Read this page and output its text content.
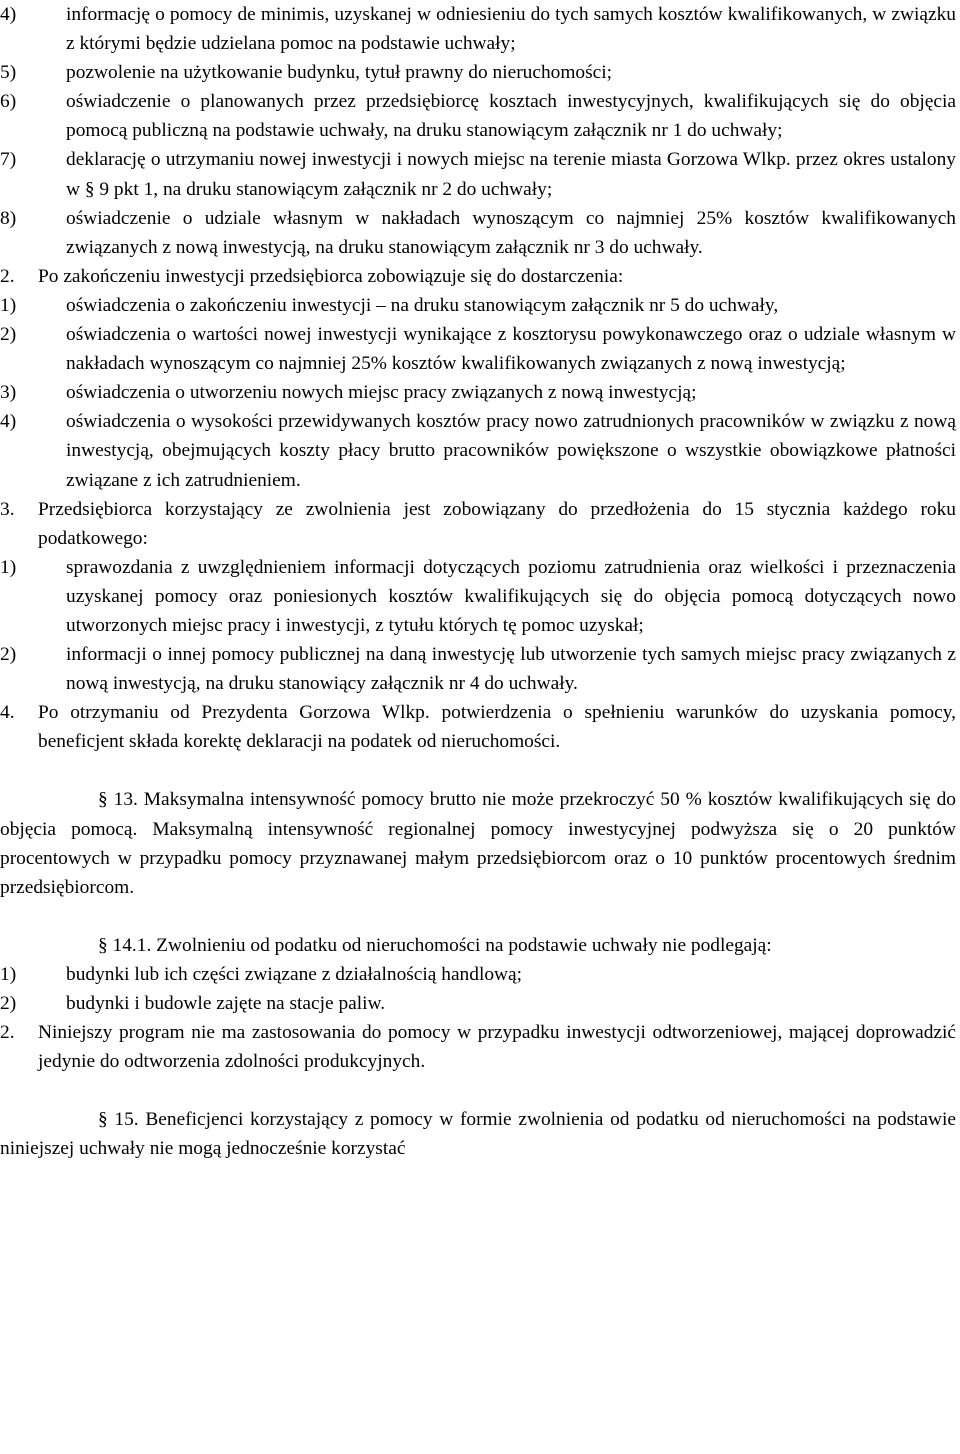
4)	informację o pomocy de minimis, uzyskanej w odniesieniu do tych samych kosztów kwalifikowanych, w związku z którymi będzie udzielana pomoc na podstawie uchwały;
5)	pozwolenie na użytkowanie budynku, tytuł prawny do nieruchomości;
6)	oświadczenie o planowanych przez przedsiębiorcę kosztach inwestycyjnych, kwalifikujących się do objęcia pomocą publiczną na podstawie uchwały, na druku stanowiącym załącznik nr 1 do uchwały;
7)	deklarację o utrzymaniu nowej inwestycji i nowych miejsc na terenie miasta Gorzowa Wlkp. przez okres ustalony w § 9 pkt 1, na druku stanowiącym załącznik nr 2 do uchwały;
8)	oświadczenie o udziale własnym w nakładach wynoszącym co najmniej 25% kosztów kwalifikowanych związanych z nową inwestycją, na druku stanowiącym załącznik nr 3 do uchwały.
2.	Po zakończeniu inwestycji przedsiębiorca zobowiązuje się do dostarczenia:
1)	oświadczenia o zakończeniu inwestycji – na druku stanowiącym załącznik nr 5 do uchwały,
2)	oświadczenia o wartości nowej inwestycji wynikające z kosztorysu powykonawczego oraz o udziale własnym w nakładach wynoszącym co najmniej 25% kosztów kwalifikowanych związanych z nową inwestycją;
3)	oświadczenia o utworzeniu nowych miejsc pracy związanych z nową inwestycją;
4)	oświadczenia o wysokości przewidywanych kosztów pracy nowo zatrudnionych pracowników w związku z nową inwestycją, obejmujących koszty płacy brutto pracowników powiększone o wszystkie obowiązkowe płatności związane z ich zatrudnieniem.
3.	Przedsiębiorca korzystający ze zwolnienia jest zobowiązany do przedłożenia do 15 stycznia każdego roku podatkowego:
1)	sprawozdania z uwzględnieniem informacji dotyczących poziomu zatrudnienia oraz wielkości i przeznaczenia uzyskanej pomocy oraz poniesionych kosztów kwalifikujących się do objęcia pomocą dotyczących nowo utworzonych miejsc pracy i inwestycji, z tytułu których tę pomoc uzyskał;
2)	informacji o innej pomocy publicznej na daną inwestycję lub utworzenie tych samych miejsc pracy związanych z nową inwestycją, na druku stanowiący załącznik nr 4 do uchwały.
4.	Po otrzymaniu od Prezydenta Gorzowa Wlkp. potwierdzenia o spełnieniu warunków do uzyskania pomocy, beneficjent składa korektę deklaracji na podatek od nieruchomości.
§ 13. Maksymalna intensywność pomocy brutto nie może przekroczyć 50 % kosztów kwalifikujących się do objęcia pomocą. Maksymalną intensywność regionalnej pomocy inwestycyjnej podwyższa się o 20 punktów procentowych w przypadku pomocy przyznawanej małym przedsiębiorcom oraz o 10 punktów procentowych średnim przedsiębiorcom.
§ 14.1. Zwolnieniu od podatku od nieruchomości na podstawie uchwały nie podlegają:
1)	budynki lub ich części związane z działalnością handlową;
2)	budynki i budowle zajęte na stacje paliw.
2.	Niniejszy program nie ma zastosowania do pomocy w przypadku inwestycji odtworzeniowej, mającej doprowadzić jedynie do odtworzenia zdolności produkcyjnych.
§ 15. Beneficjenci korzystający z pomocy w formie zwolnienia od podatku od nieruchomości na podstawie niniejszej uchwały nie mogą jednocześnie korzystać
